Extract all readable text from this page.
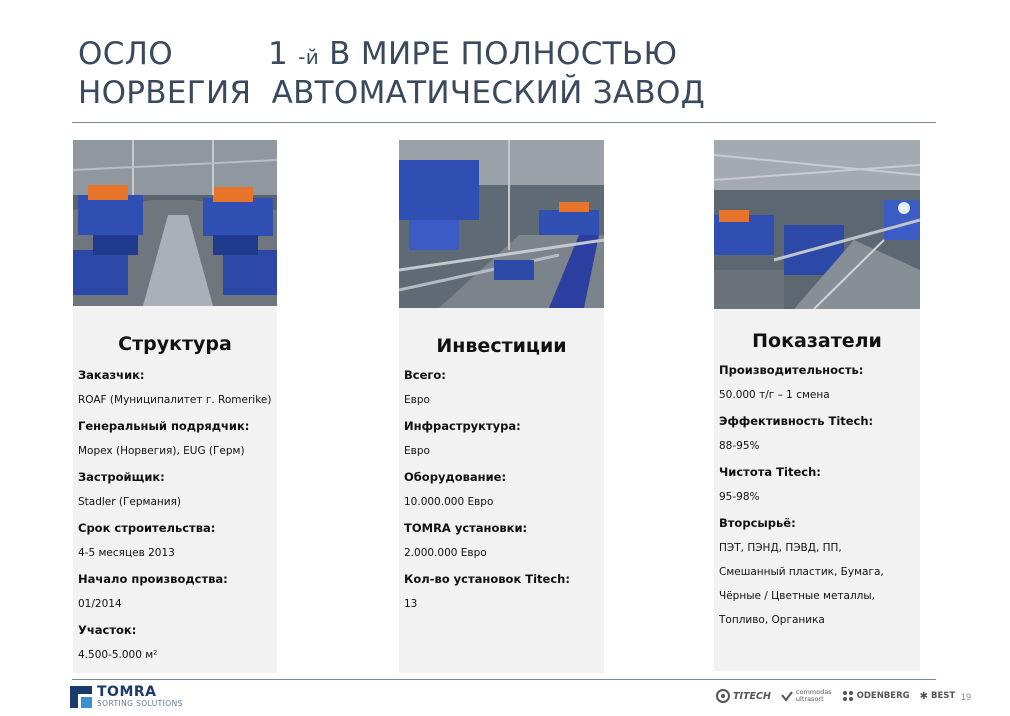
ОСЛО	1 -й В МИРЕ ПОЛНОСТЬЮ
НОРВЕГИЯ АВТОМАТИЧЕСКИЙ ЗАВОД
Структура
Заказчик:
ROAF (Муниципалитет г. Romerike)
Генеральный подрядчик:
Mopex (Норвегия), EUG (Герм)
Застройщик:
Stadler (Германия)
Срок строительства:
4-5 месяцев 2013
Начало производства:
01/2014
Участок:
4.500-5.000 м²
Инвестиции
Всего:
Евро
Инфраструктура:
Евро
Оборудование:
10.000.000 Евро
TOMRA установки:
2.000.000 Евро
Кол-во установок Titech:
13
Показатели
Производительность:
50.000 т/г – 1 смена
Эффективность Titech:
88-95%
Чистота Titech:
95-98%
Вторсырьё:
ПЭТ, ПЭНД, ПЭВД, ПП,
Смешанный пластик, Бумага,
Чёрные / Цветные металлы,
Топливо, Органика
TOMRA
SORTING SOLUTIONS
TITECH	commodas
ultrasort	ODENBERG ✱ BEST 19
